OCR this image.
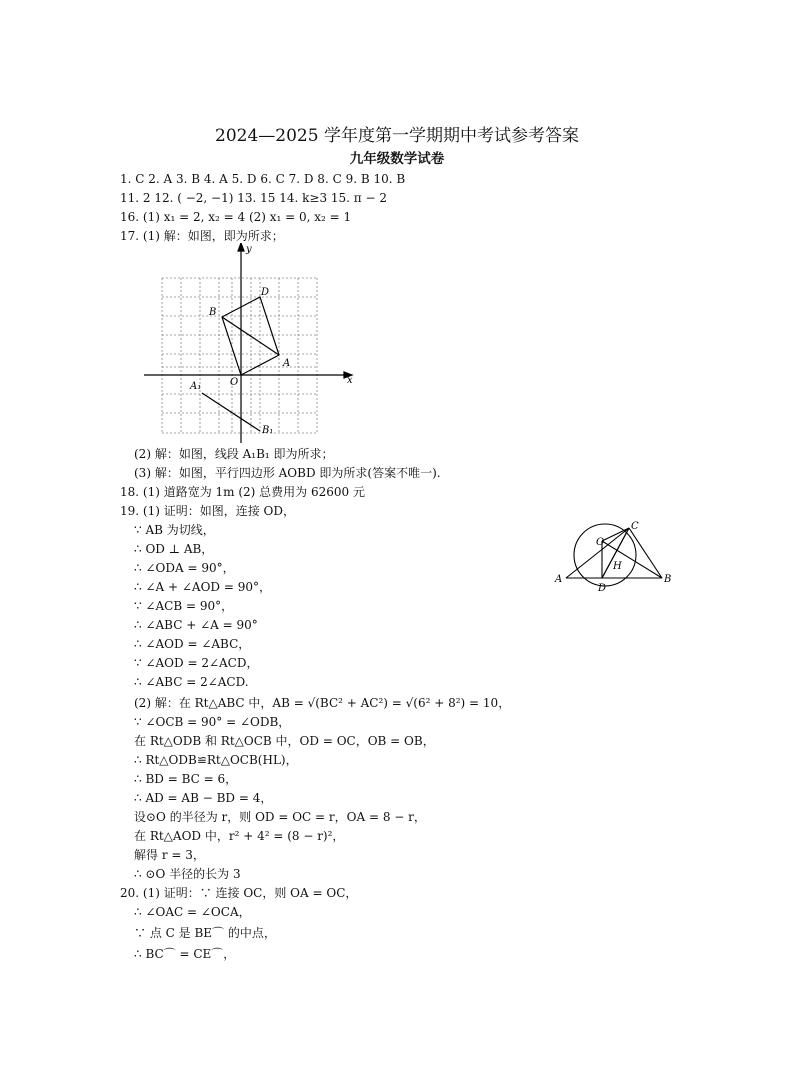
2024—2025 学年度第一学期期中考试参考答案
九年级数学试卷
1. C 2. A 3. B 4. A 5. D 6. C 7. D 8. C 9. B 10. B
11. 2 12. ( −2, −1) 13. 15 14. k≥3 15. π − 2
16. (1) x₁ = 2, x₂ = 4 (2) x₁ = 0, x₂ = 1
17. (1) 解：如图，即为所求；
y
x
O
A
B
D
A₁
B₁
(2) 解：如图，线段 A₁B₁ 即为所求；
(3) 解：如图，平行四边形 AOBD 即为所求(答案不唯一).
18. (1) 道路宽为 1m (2) 总费用为 62600 元
19. (1) 证明：如图，连接 OD，
∵ AB 为切线，
∴ OD ⊥ AB，
∴ ∠ODA = 90°，
∴ ∠A + ∠AOD = 90°，
∵ ∠ACB = 90°，
∴ ∠ABC + ∠A = 90°
∴ ∠AOD = ∠ABC，
∵ ∠AOD = 2∠ACD，
∴ ∠ABC = 2∠ACD.
(2) 解：在 Rt△ABC 中，AB = √(BC² + AC²) = √(6² + 8²) = 10，
∵ ∠OCB = 90° = ∠ODB，
在 Rt△ODB 和 Rt△OCB 中，OD = OC，OB = OB，
∴ Rt△ODB≌Rt△OCB(HL)，
∴ BD = BC = 6，
∴ AD = AB − BD = 4，
设⊙O 的半径为 r，则 OD = OC = r，OA = 8 − r，
在 Rt△AOD 中，r² + 4² = (8 − r)²，
解得 r = 3，
∴ ⊙O 半径的长为 3
A	B
C
D
O
H
20. (1) 证明：∵ 连接 OC，则 OA = OC，
∴ ∠OAC = ∠OCA，
∵ 点 C 是 BE⌒ 的中点，
∴ BC⌒ = CE⌒，
